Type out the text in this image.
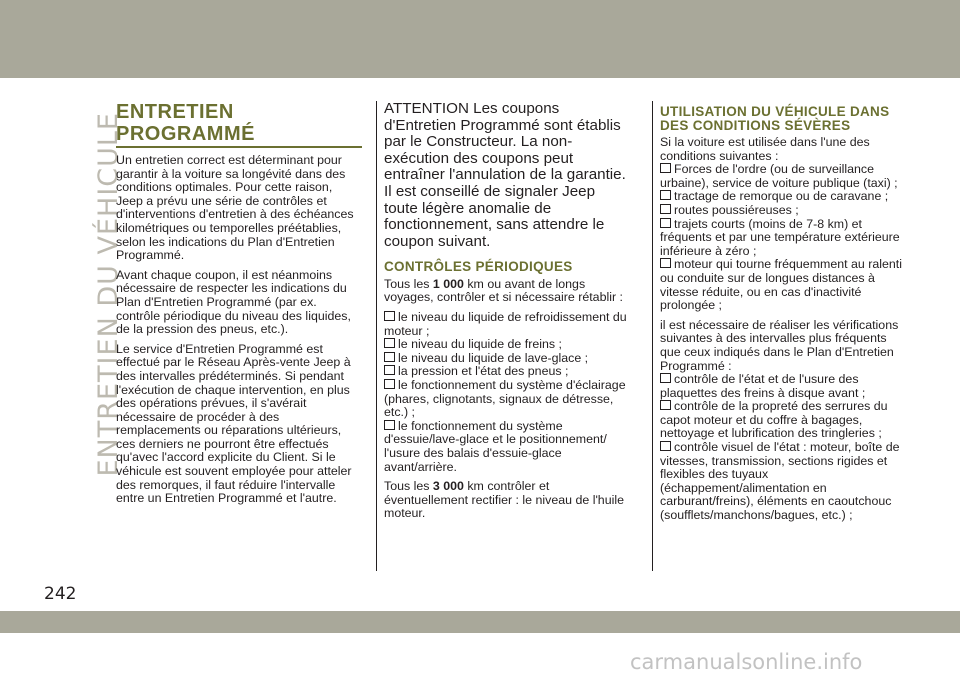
ENTRETIEN DU VÉHICULE
ENTRETIEN PROGRAMMÉ

Un entretien correct est déterminant pour garantir à la voiture sa longévité dans des conditions optimales. Pour cette raison, Jeep a prévu une série de contrôles et d'interventions d'entretien à des échéances kilométriques ou temporelles préétablies, selon les indications du Plan d'Entretien Programmé.

Avant chaque coupon, il est néanmoins nécessaire de respecter les indications du Plan d'Entretien Programmé (par ex. contrôle périodique du niveau des liquides, de la pression des pneus, etc.).

Le service d'Entretien Programmé est effectué par le Réseau Après-vente Jeep à des intervalles prédéterminés. Si pendant l'exécution de chaque intervention, en plus des opérations prévues, il s'avérait nécessaire de procéder à des remplacements ou réparations ultérieurs, ces derniers ne pourront être effectués qu'avec l'accord explicite du Client. Si le véhicule est souvent employée pour atteler des remorques, il faut réduire l'intervalle entre un Entretien Programmé et l'autre.

ATTENTION Les coupons d'Entretien Programmé sont établis par le Constructeur. La non-exécution des coupons peut entraîner l'annulation de la garantie. Il est conseillé de signaler Jeep toute légère anomalie de fonctionnement, sans attendre le coupon suivant.

CONTRÔLES PÉRIODIQUES

Tous les 1 000 km ou avant de longs voyages, contrôler et si nécessaire rétablir :

le niveau du liquide de refroidissement du moteur ;
le niveau du liquide de freins ;
le niveau du liquide de lave-glace ;
la pression et l'état des pneus ;
le fonctionnement du système d'éclairage (phares, clignotants, signaux de détresse, etc.) ;
le fonctionnement du système d'essuie/lave-glace et le positionnement/ l'usure des balais d'essuie-glace avant/arrière.

Tous les 3 000 km contrôler et éventuellement rectifier : le niveau de l'huile moteur.

UTILISATION DU VÉHICULE DANS DES CONDITIONS SÉVÈRES

Si la voiture est utilisée dans l'une des conditions suivantes :

Forces de l'ordre (ou de surveillance urbaine), service de voiture publique (taxi) ;
tractage de remorque ou de caravane ;
routes poussiéreuses ;
trajets courts (moins de 7-8 km) et fréquents et par une température extérieure inférieure à zéro ;
moteur qui tourne fréquemment au ralenti ou conduite sur de longues distances à vitesse réduite, ou en cas d'inactivité prolongée ;

il est nécessaire de réaliser les vérifications suivantes à des intervalles plus fréquents que ceux indiqués dans le Plan d'Entretien Programmé :

contrôle de l'état et de l'usure des plaquettes des freins à disque avant ;
contrôle de la propreté des serrures du capot moteur et du coffre à bagages, nettoyage et lubrification des tringleries ;
contrôle visuel de l'état : moteur, boîte de vitesses, transmission, sections rigides et flexibles des tuyaux (échappement/alimentation en carburant/freins), éléments en caoutchouc (soufflets/manchons/bagues, etc.) ;
242
carmanualsonline.info
